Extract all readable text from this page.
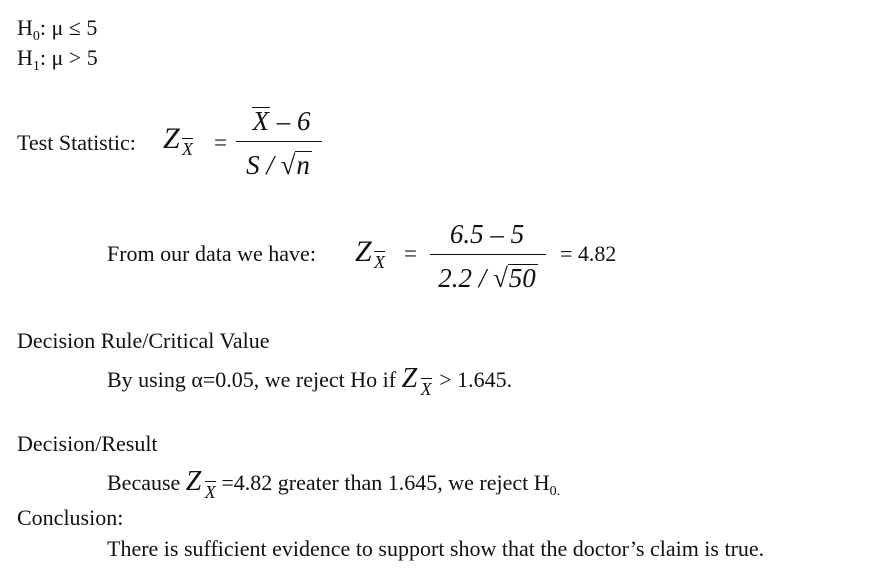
$H_0$: μ ≤ 5
$H_1$: μ > 5
Test Statistic: Z X =
X – 6
S / √n
From our data we have: Z X =
6.5 – 5
2.2 / √50
= 4.82
Decision Rule/Critical Value
By using α=0.05, we reject Ho if Z X > 1.645.
Decision/Result
Because Z X =4.82 greater than 1.645, we reject $H_{0.}$
Conclusion:
There is sufficient evidence to support show that the doctor’s claim is true.
